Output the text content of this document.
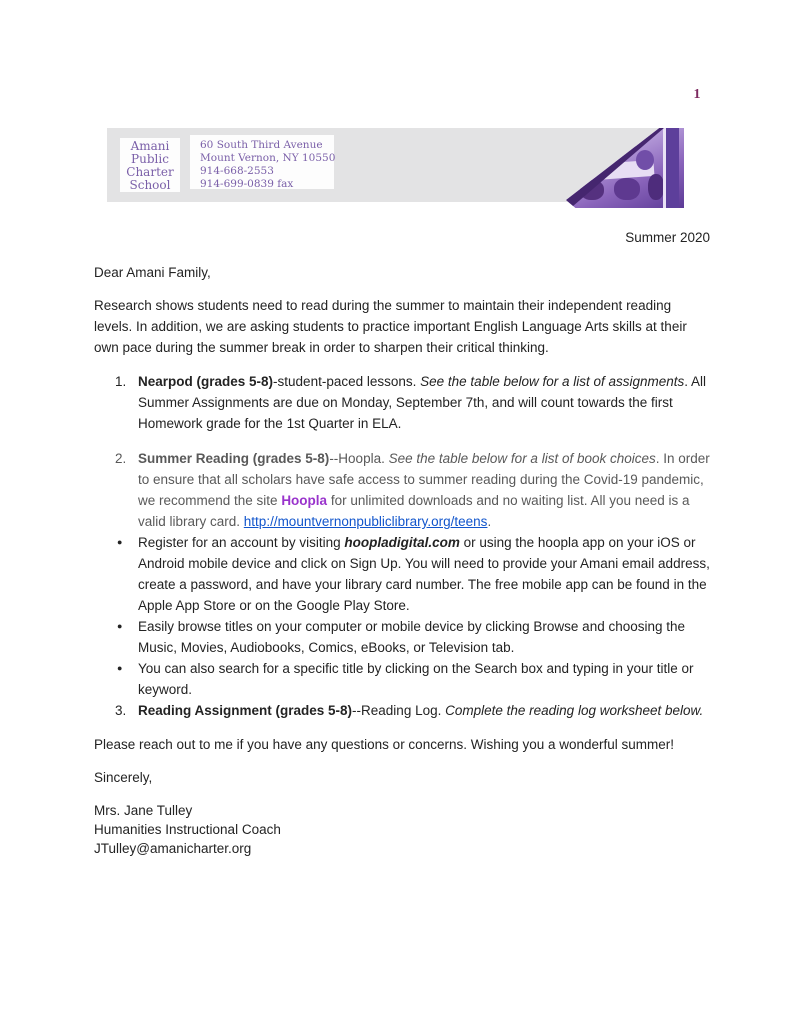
1
Amani
Public
Charter
School
60 South Third Avenue
Mount Vernon, NY 10550
914-668-2553
914-699-0839 fax

Summer 2020

Dear Amani Family,

Research shows students need to read during the summer to maintain their independent reading levels. In addition, we are asking students to practice important English Language Arts skills at their own pace during the summer break in order to sharpen their critical thinking.

1. Nearpod (grades 5-8)-student-paced lessons. See the table below for a list of assignments. All Summer Assignments are due on Monday, September 7th, and will count towards the first Homework grade for the 1st Quarter in ELA.
2. Summer Reading (grades 5-8)--Hoopla. See the table below for a list of book choices. In order to ensure that all scholars have safe access to summer reading during the Covid-19 pandemic, we recommend the site Hoopla for unlimited downloads and no waiting list. All you need is a valid library card. http://mountvernonpubliclibrary.org/teens.
●	Register for an account by visiting hoopladigital.com or using the hoopla app on your iOS or Android mobile device and click on Sign Up. You will need to provide your Amani email address, create a password, and have your library card number. The free mobile app can be found in the Apple App Store or on the Google Play Store.
●	Easily browse titles on your computer or mobile device by clicking Browse and choosing the Music, Movies, Audiobooks, Comics, eBooks, or Television tab.
●	You can also search for a specific title by clicking on the Search box and typing in your title or keyword.
3. Reading Assignment (grades 5-8)--Reading Log. Complete the reading log worksheet below.

Please reach out to me if you have any questions or concerns. Wishing you a wonderful summer!

Sincerely,

Mrs. Jane Tulley
Humanities Instructional Coach
JTulley@amanicharter.org
